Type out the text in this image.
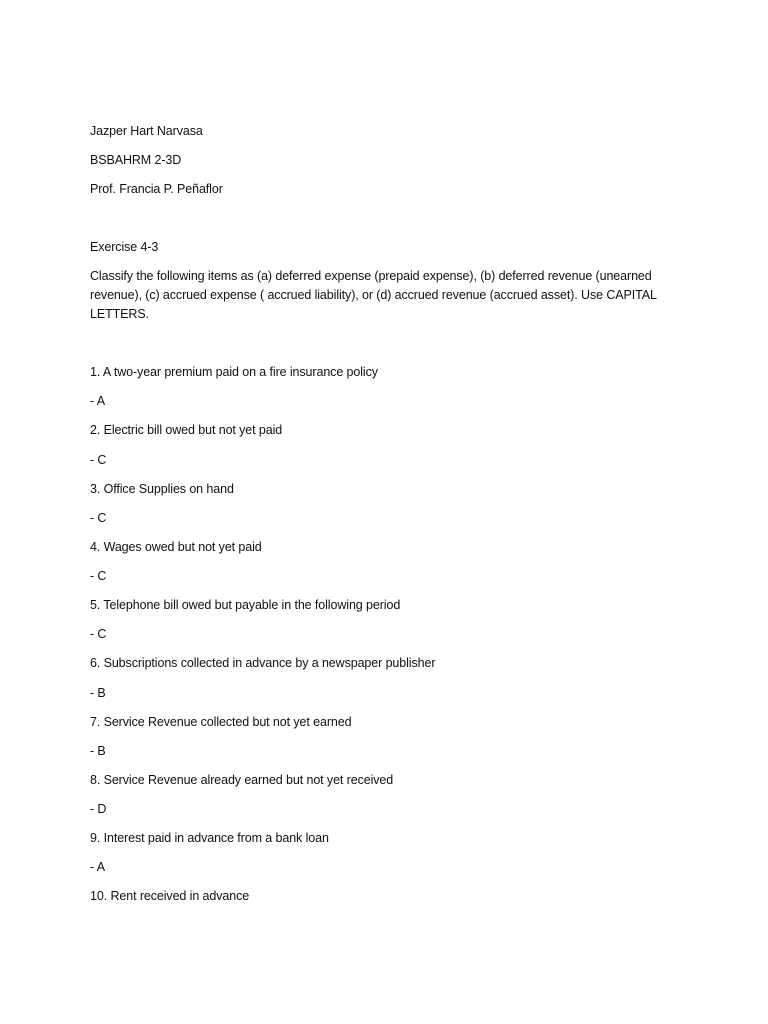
Jazper Hart Narvasa
BSBAHRM 2-3D
Prof. Francia P. Peñaflor
Exercise 4-3
Classify the following items as (a) deferred expense (prepaid expense), (b) deferred revenue (unearned revenue), (c) accrued expense ( accrued liability), or (d) accrued revenue (accrued asset). Use CAPITAL LETTERS.
1. A two-year premium paid on a fire insurance policy
- A
2. Electric bill owed but not yet paid
- C
3. Office Supplies on hand
- C
4. Wages owed but not yet paid
- C
5. Telephone bill owed but payable in the following period
- C
6. Subscriptions collected in advance by a newspaper publisher
- B
7. Service Revenue collected but not yet earned
- B
8. Service Revenue already earned but not yet received
- D
9. Interest paid in advance from a bank loan
- A
10. Rent received in advance
